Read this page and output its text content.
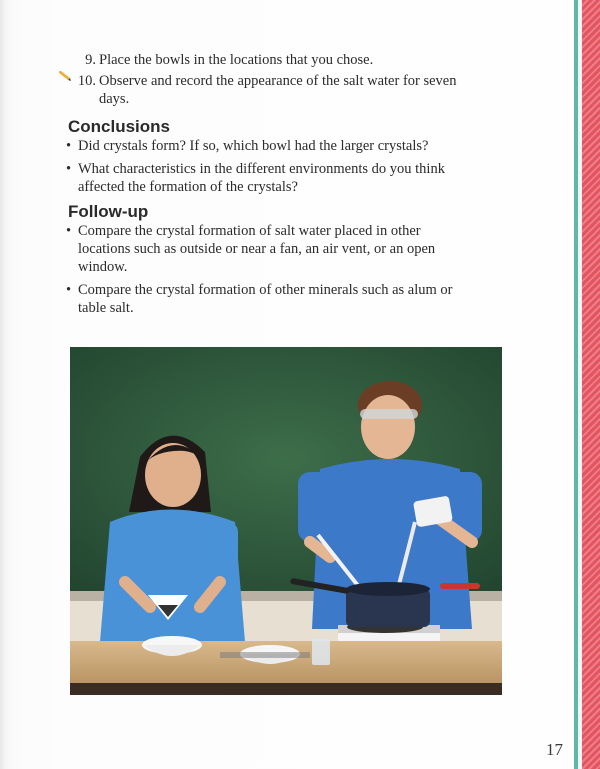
9. Place the bowls in the locations that you chose.
10. Observe and record the appearance of the salt water for seven
days.
Conclusions
• Did crystals form? If so, which bowl had the larger crystals?
• What characteristics in the different environments do you think affected the formation of the crystals?
Follow-up
• Compare the crystal formation of salt water placed in other locations such as outside or near a fan, an air vent, or an open window.
• Compare the crystal formation of other minerals such as alum or table salt.
17
